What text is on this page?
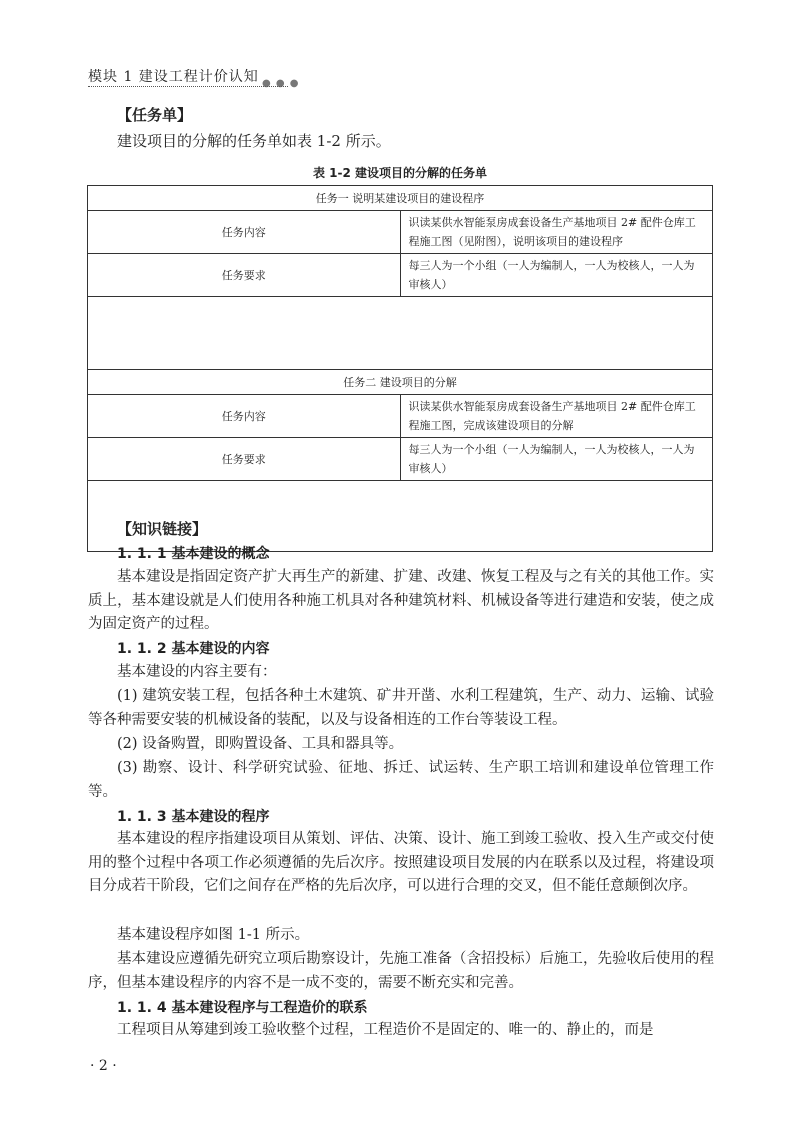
模块 1 建设工程计价认知 ● ● ●
【任务单】
建设项目的分解的任务单如表 1-2 所示。
表 1-2 建设项目的分解的任务单
任务一 说明某建设项目的建设程序	
任务内容	识读某供水智能泵房成套设备生产基地项目 2# 配件仓库工程施工图（见附图），说明该项目的建设程序
任务要求	每三人为一个小组（一人为编制人，一人为校核人，一人为审核人）

任务二 建设项目的分解	
任务内容	识读某供水智能泵房成套设备生产基地项目 2# 配件仓库工程施工图，完成该建设项目的分解
任务要求	每三人为一个小组（一人为编制人，一人为校核人，一人为审核人）

【知识链接】
1. 1. 1 基本建设的概念
基本建设是指固定资产扩大再生产的新建、扩建、改建、恢复工程及与之有关的其他工作。实质上，基本建设就是人们使用各种施工机具对各种建筑材料、机械设备等进行建造和安装，使之成为固定资产的过程。
1. 1. 2 基本建设的内容
基本建设的内容主要有：
(1) 建筑安装工程，包括各种土木建筑、矿井开凿、水利工程建筑，生产、动力、运输、试验等各种需要安装的机械设备的装配，以及与设备相连的工作台等装设工程。
(2) 设备购置，即购置设备、工具和器具等。
(3) 勘察、设计、科学研究试验、征地、拆迁、试运转、生产职工培训和建设单位管理工作等。
1. 1. 3 基本建设的程序
基本建设的程序指建设项目从策划、评估、决策、设计、施工到竣工验收、投入生产或交付使用的整个过程中各项工作必须遵循的先后次序。按照建设项目发展的内在联系以及过程，将建设项目分成若干阶段，它们之间存在严格的先后次序，可以进行合理的交叉，但不能任意颠倒次序。
基本建设程序如图 1-1 所示。
基本建设应遵循先研究立项后勘察设计，先施工准备（含招投标）后施工，先验收后使用的程序，但基本建设程序的内容不是一成不变的，需要不断充实和完善。
1. 1. 4 基本建设程序与工程造价的联系
工程项目从筹建到竣工验收整个过程，工程造价不是固定的、唯一的、静止的，而是
· 2 ·
